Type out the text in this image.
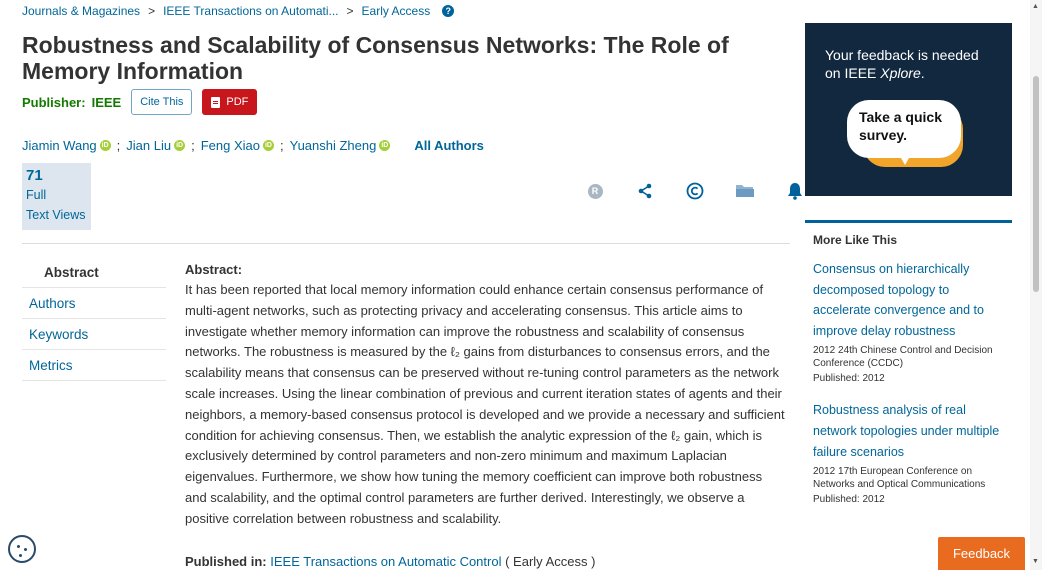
Journals & Magazines > IEEE Transactions on Automati... > Early Access	?
Robustness and Scalability of Consensus Networks: The Role of Memory Information
Publisher: IEEE	Cite This	PDF
Jiamin Wang iD ; Jian Liu iD ; Feng Xiao iD ; Yuanshi Zheng iD All Authors
71
Full
Text Views
R
Abstract
Authors
Keywords
Metrics
Abstract:

It has been reported that local memory information could enhance certain consensus performance of multi-agent networks, such as protecting privacy and accelerating consensus. This article aims to investigate whether memory information can improve the robustness and scalability of consensus networks. The robustness is measured by the ℓ₂ gains from disturbances to consensus errors, and the scalability means that consensus can be preserved without re-tuning control parameters as the network scale increases. Using the linear combination of previous and current iteration states of agents and their neighbors, a memory-based consensus protocol is developed and we provide a necessary and sufficient condition for achieving consensus. Then, we establish the analytic expression of the ℓ₂ gain, which is exclusively determined by control parameters and non-zero minimum and maximum Laplacian eigenvalues. Furthermore, we show how tuning the memory coefficient can improve both robustness and scalability, and the optimal control parameters are further derived. Interestingly, we observe a positive correlation between robustness and scalability.

Published in: IEEE Transactions on Automatic Control ( Early Access )
Your feedback is needed
on IEEE Xplore.
Take a quick
survey.
More Like This
Consensus on hierarchically decomposed topology to accelerate convergence and to improve delay robustness
2012 24th Chinese Control and Decision Conference (CCDC)
Published: 2012
Robustness analysis of real network topologies under multiple failure scenarios
2012 17th European Conference on Networks and Optical Communications
Published: 2012
Feedback
▲
▼
